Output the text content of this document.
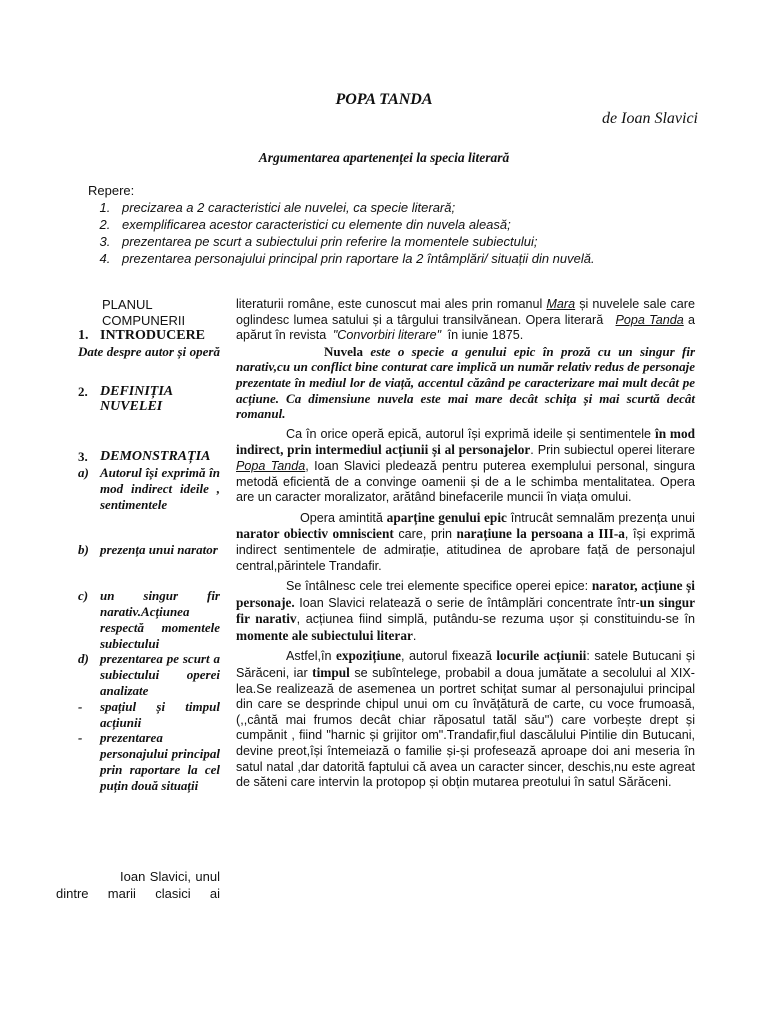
POPA TANDA
de Ioan Slavici
Argumentarea apartenenței la specia literară
Repere:
1. precizarea a 2 caracteristici ale nuvelei, ca specie literară;
2. exemplificarea acestor caracteristici cu elemente din nuvela aleasă;
3. prezentarea pe scurt a subiectului prin referire la momentele subiectului;
4. prezentarea personajului principal prin raportare la 2 întâmplări/ situații din nuvelă.
PLANUL COMPUNERII
1. INTRODUCERE
Date despre autor și operă
2. DEFINIȚIA NUVELEI
3. DEMONSTRAȚIA
a) Autorul își exprimă în mod indirect ideile , sentimentele
b) prezența unui narator
c) un singur fir narativ.Acțiunea respectă momentele subiectului
d) prezentarea pe scurt a subiectului operei analizate
-	spațiul și timpul acțiunii
-	prezentarea personajului principal prin raportare la cel puțin două situații
Ioan Slavici, unul dintre marii clasici ai

literaturii române, este cunoscut mai ales prin romanul Mara și nuvelele sale care oglindesc lumea satului și a târgului transilvănean. Opera literară Popa Tanda a apărut în revista "Convorbiri literare" în iunie 1875.

Nuvela este o specie a genului epic în proză cu un singur fir narativ,cu un conflict bine conturat care implică un număr relativ redus de personaje prezentate în mediul lor de viață, accentul căzând pe caracterizare mai mult decât pe acțiune. Ca dimensiune nuvela este mai mare decât schița și mai scurtă decât romanul.

Ca în orice operă epică, autorul își exprimă ideile și sentimentele în mod indirect, prin intermediul acțiunii și al personajelor. Prin subiectul operei literare Popa Tanda, Ioan Slavici pledează pentru puterea exemplului personal, singura metodă eficientă de a convinge oamenii și de a le schimba mentalitatea. Opera are un caracter moralizator, arătând binefacerile muncii în viața omului.

Opera amintită aparține genului epic întrucât semnalăm prezența unui narator obiectiv omniscient care, prin narațiune la persoana a III-a, își exprimă indirect sentimentele de admirație, atitudinea de aprobare față de personajul central,părintele Trandafir.

Se întâlnesc cele trei elemente specifice operei epice: narator, acțiune și personaje. Ioan Slavici relatează o serie de întâmplări concentrate într-un singur fir narativ, acțiunea fiind simplă, putându-se rezuma ușor și constituindu-se în momente ale subiectului literar.

Astfel,în expozițiune, autorul fixează locurile acțiunii: satele Butucani și Sărăceni, iar timpul se subîntelege, probabil a doua jumătate a secolului al XIX-lea.Se realizează de asemenea un portret schițat sumar al personajului principal din care se desprinde chipul unui om cu învățătură de carte, cu voce frumoasă,(,,cântă mai frumos decât chiar răposatul tatăl său'') care vorbește drept și cumpănit , fiind "harnic și grijitor om".Trandafir,fiul dascălului Pintilie din Butucani, devine preot,își întemeiază o familie și-și profesează aproape doi ani meseria în satul natal ,dar datorită faptului că avea un caracter sincer, deschis,nu este agreat de săteni care intervin la protopop și obțin mutarea preotului în satul Sărăceni.
